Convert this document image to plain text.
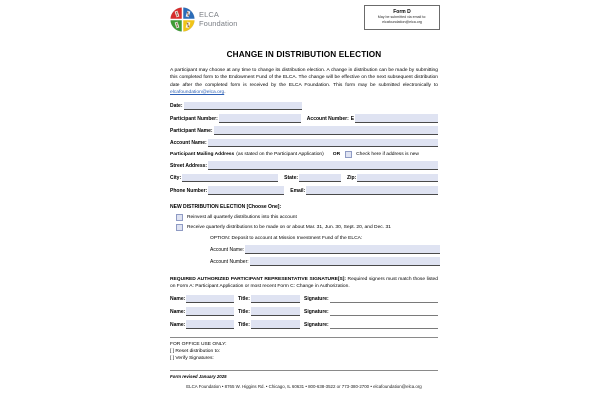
ELCA
Foundation
Form D
May be submitted via email to:
elcafoundation@elca.org
CHANGE IN DISTRIBUTION ELECTION
A participant may choose at any time to change its distribution election. A change in distribution can be made by submitting this completed form to the Endowment Fund of the ELCA. The change will be effective on the next subsequent distribution date after the completed form is received by the ELCA Foundation. This form may be submitted electronically to elcafoundation@elca.org.
Date:
Participant Number:	Account Number: E
Participant Name:
Account Name:
Participant Mailing Address (as stated on the Participant Application) OR	Check here if address is new
Street Address:
City:	State:	Zip:
Phone Number:	Email:
NEW DISTRIBUTION ELECTION [Choose One]:
Reinvest all quarterly distributions into this account
Receive quarterly distributions to be made on or about Mar. 31, Jun. 30, Sept. 20, and Dec. 31
OPTION: Deposit to account at Mission Investment Fund of the ELCA:
Account Name:
Account Number:
REQUIRED AUTHORIZED PARTICIPANT REPRESENTATIVE SIGNATURE[S]: Required signers must match those listed on Form A: Participant Application or most recent Form C: Change in Authorization.
Name:	Title:	Signature:
Name:	Title:	Signature:
Name:	Title:	Signature:
FOR OFFICE USE ONLY:
[ ] Reset distribution to:
[ ] Verify Signatures:
Form revised January 2025
ELCA Foundation • 8765 W. Higgins Rd. • Chicago, IL 60631 • 800-638-3522 or 773-380-2700 • elcafoundation@elca.org
